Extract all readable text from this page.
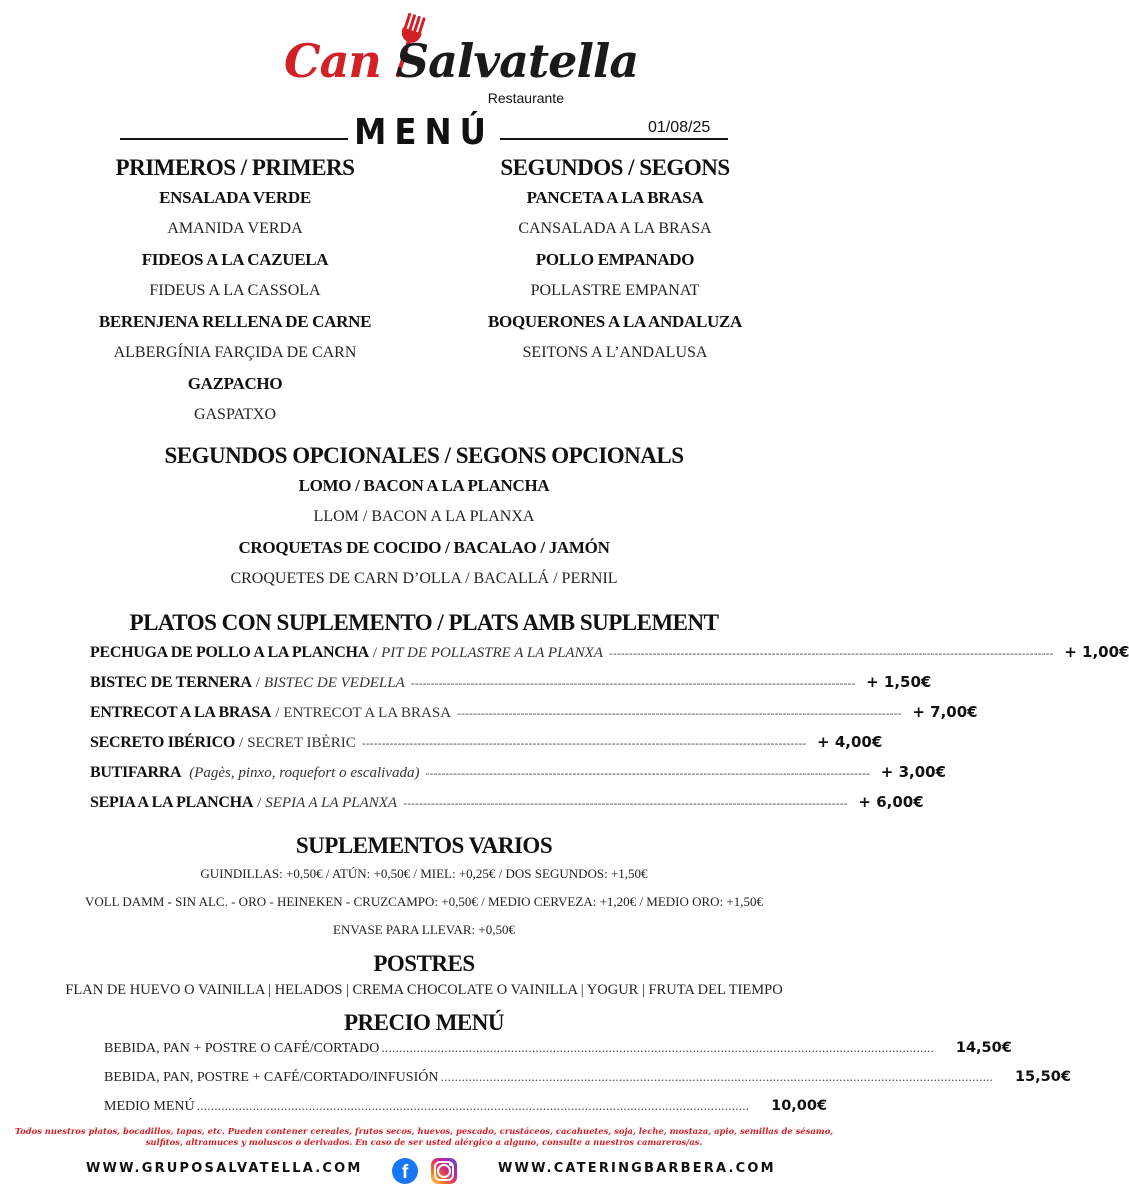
Can Salvatella
Restaurante
MENÚ	01/08/25
PRIMEROS / PRIMERS
ENSALADA VERDE
AMANIDA VERDA
FIDEOS A LA CAZUELA
FIDEUS A LA CASSOLA
BERENJENA RELLENA DE CARNE
ALBERGÍNIA FARÇIDA DE CARN
GAZPACHO
GASPATXO
SEGUNDOS / SEGONS
PANCETA A LA BRASA
CANSALADA A LA BRASA
POLLO EMPANADO
POLLASTRE EMPANAT
BOQUERONES A LA ANDALUZA
SEITONS A L’ANDALUSA
SEGUNDOS OPCIONALES / SEGONS OPCIONALS
LOMO / BACON A LA PLANCHA
LLOM / BACON A LA PLANXA
CROQUETAS DE COCIDO / BACALAO / JAMÓN
CROQUETES DE CARN D’OLLA / BACALLÁ / PERNIL
PLATOS CON SUPLEMENTO / PLATS AMB SUPLEMENT
PECHUGA DE POLLO A LA PLANCHA / PIT DE POLLASTRE A LA PLANXA ---------------------------------------------------------------------------------------------------------------- + 1,00€
BISTEC DE TERNERA / BISTEC DE VEDELLA ---------------------------------------------------------------------------------------------------------------- + 1,50€
ENTRECOT A LA BRASA / ENTRECOT A LA BRASA ---------------------------------------------------------------------------------------------------------------- + 7,00€
SECRETO IBÉRICO / SECRET IBÈRIC ---------------------------------------------------------------------------------------------------------------- + 4,00€
BUTIFARRA (Pagès, pinxo, roquefort o escalivada) ---------------------------------------------------------------------------------------------------------------- + 3,00€
SEPIA A LA PLANCHA / SEPIA A LA PLANXA ---------------------------------------------------------------------------------------------------------------- + 6,00€
SUPLEMENTOS VARIOS
GUINDILLAS: +0,50€ / ATÚN: +0,50€ / MIEL: +0,25€ / DOS SEGUNDOS: +1,50€
VOLL DAMM - SIN ALC. - ORO - HEINEKEN - CRUZCAMPO: +0,50€ / MEDIO CERVEZA: +1,20€ / MEDIO ORO: +1,50€
ENVASE PARA LLEVAR: +0,50€
POSTRES
FLAN DE HUEVO O VAINILLA | HELADOS | CREMA CHOCOLATE O VAINILLA | YOGUR | FRUTA DEL TIEMPO
PRECIO MENÚ
BEBIDA, PAN + POSTRE O CAFÉ/CORTADO ..............................................................................................................................................................	14,50€
BEBIDA, PAN, POSTRE + CAFÉ/CORTADO/INFUSIÓN ..............................................................................................................................................................	15,50€
MEDIO MENÚ ..............................................................................................................................................................	10,00€
Todos nuestros platos, bocadillos, tapas, etc. Pueden contener cereales, frutos secos, huevos, pescado, crustáceos, cacahuetes, soja, leche, mostaza, apio, semillas de sésamo, sulfitos, altramuces y moluscos o derivados. En caso de ser usted alérgico a alguno, consulte a nuestros camareros/as.
WWW.GRUPOSALVATELLA.COM	f	WWW.CATERINGBARBERA.COM
